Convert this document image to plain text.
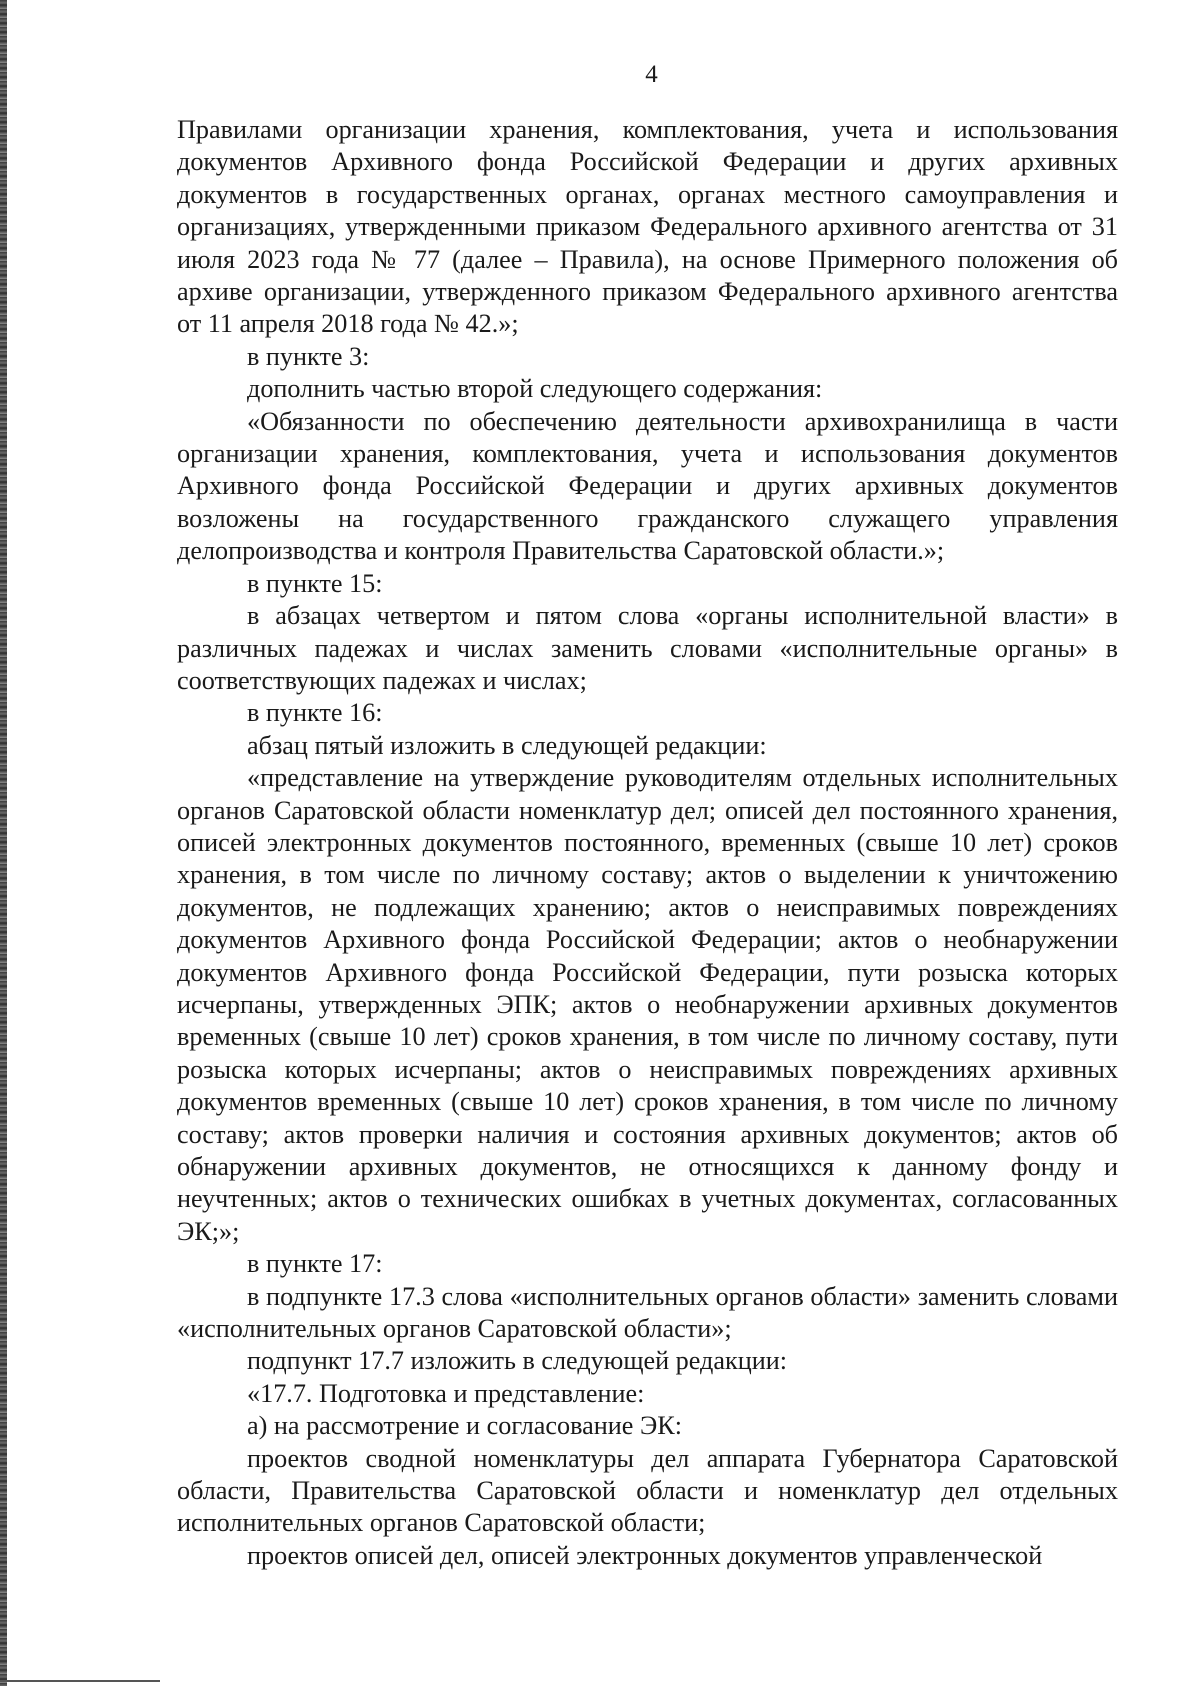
4

Правилами организации хранения, комплектования, учета и использования документов Архивного фонда Российской Федерации и других архивных документов в государственных органах, органах местного самоуправления и организациях, утвержденными приказом Федерального архивного агентства от 31 июля 2023 года № 77 (далее – Правила), на основе Примерного положения об архиве организации, утвержденного приказом Федерального архивного агентства от 11 апреля 2018 года № 42.»;

в пункте 3:

дополнить частью второй следующего содержания:

«Обязанности по обеспечению деятельности архивохранилища в части организации хранения, комплектования, учета и использования документов Архивного фонда Российской Федерации и других архивных документов возложены на государственного гражданского служащего управления делопроизводства и контроля Правительства Саратовской области.»;

в пункте 15:

в абзацах четвертом и пятом слова «органы исполнительной власти» в различных падежах и числах заменить словами «исполнительные органы» в соответствующих падежах и числах;

в пункте 16:

абзац пятый изложить в следующей редакции:

«представление на утверждение руководителям отдельных исполнительных органов Саратовской области номенклатур дел; описей дел постоянного хранения, описей электронных документов постоянного, временных (свыше 10 лет) сроков хранения, в том числе по личному составу; актов о выделении к уничтожению документов, не подлежащих хранению; актов о неисправимых повреждениях документов Архивного фонда Российской Федерации; актов о необнаружении документов Архивного фонда Российской Федерации, пути розыска которых исчерпаны, утвержденных ЭПК; актов о необнаружении архивных документов временных (свыше 10 лет) сроков хранения, в том числе по личному составу, пути розыска которых исчерпаны; актов о неисправимых повреждениях архивных документов временных (свыше 10 лет) сроков хранения, в том числе по личному составу; актов проверки наличия и состояния архивных документов; актов об обнаружении архивных документов, не относящихся к данному фонду и неучтенных; актов о технических ошибках в учетных документах, согласованных ЭК;»;

в пункте 17:

в подпункте 17.3 слова «исполнительных органов области» заменить словами «исполнительных органов Саратовской области»;

подпункт 17.7 изложить в следующей редакции:

«17.7. Подготовка и представление:

а) на рассмотрение и согласование ЭК:

проектов сводной номенклатуры дел аппарата Губернатора Саратовской области, Правительства Саратовской области и номенклатур дел отдельных исполнительных органов Саратовской области;

проектов описей дел, описей электронных документов управленческой
